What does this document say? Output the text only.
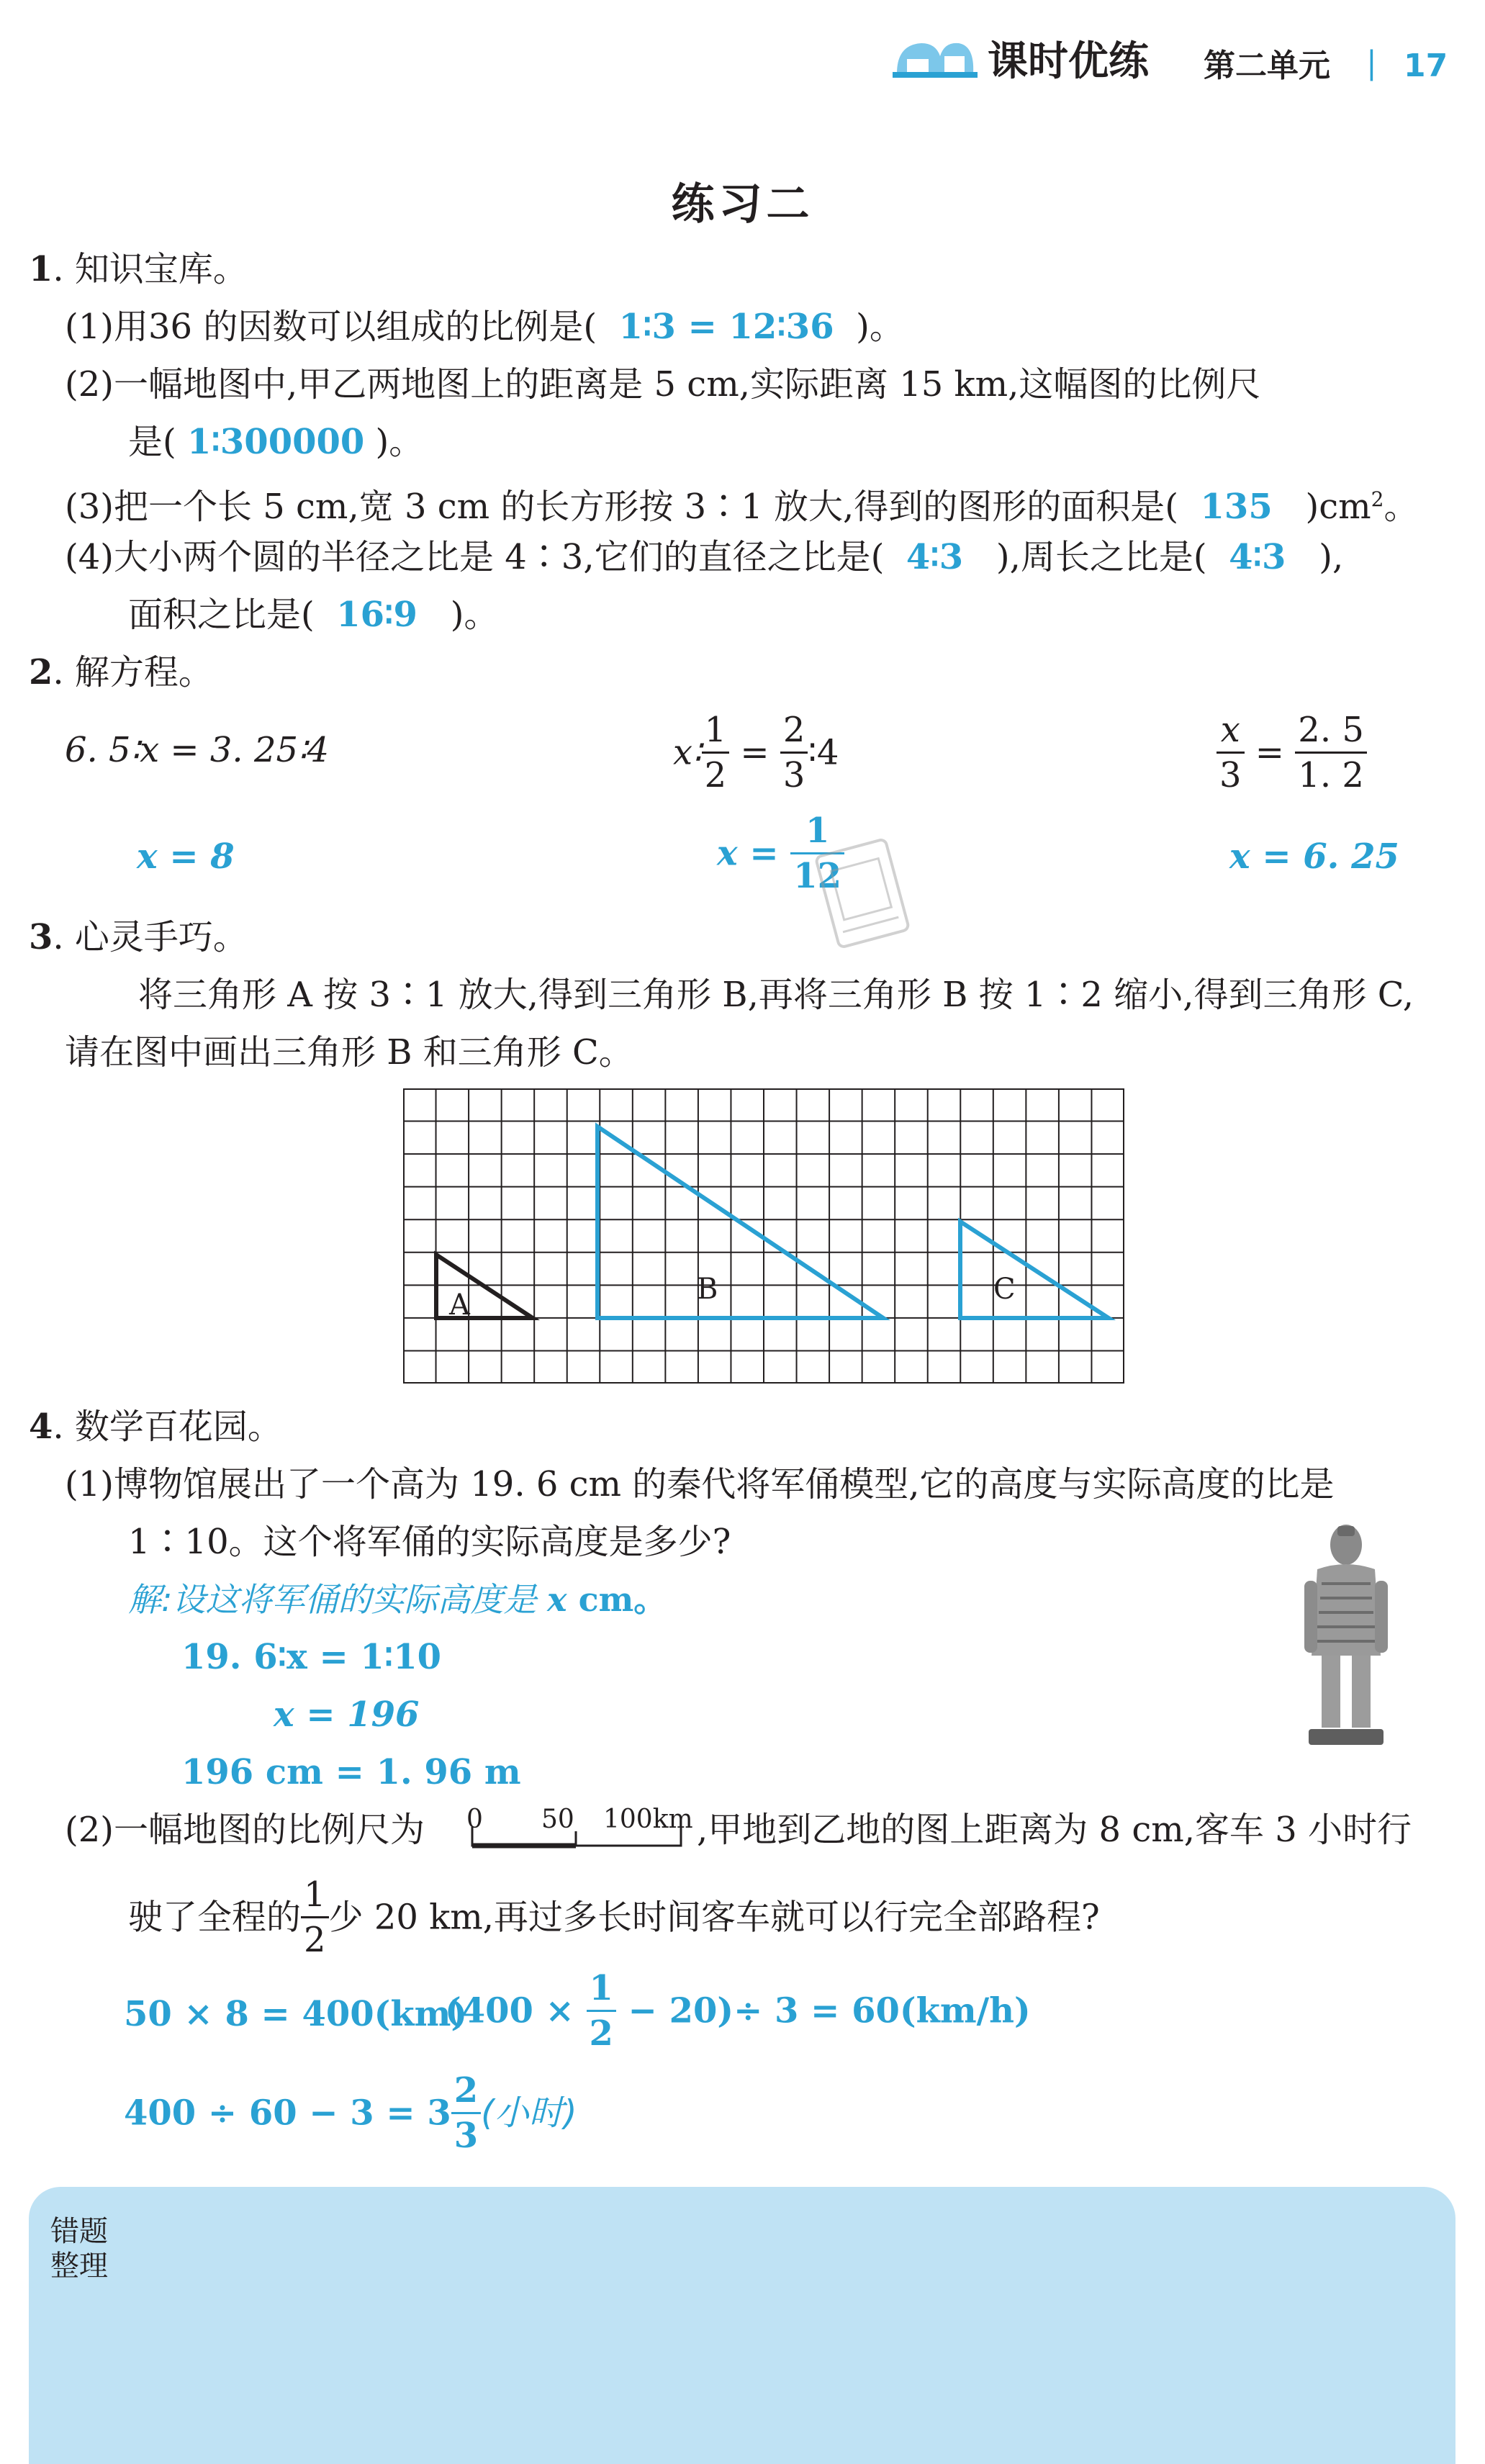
课时优练 第二单元 | 17
练习二
1. 知识宝库。
(1)用36 的因数可以组成的比例是( 1∶3 = 12∶36 )。
(2)一幅地图中,甲乙两地图上的距离是 5 cm,实际距离 15 km,这幅图的比例尺
是( 1∶300000 )。
(3)把一个长 5 cm,宽 3 cm 的长方形按 3∶1 放大,得到的图形的面积是( 135 )$cm^2$。
(4)大小两个圆的半径之比是 4∶3,它们的直径之比是( 4∶3 ),周长之比是( 4∶3 ),
面积之比是( 16∶9 )。
2. 解方程。
6. 5∶x = 3. 25∶4	x∶ $\frac{1}{2} = \frac{2}{3}$ ∶4	$\frac{x}{3} = \frac{2. 5}{1. 2}$
x = 8	$x = \frac{1}{12}$	x = 6. 25
3. 心灵手巧。
将三角形 A 按 3∶1 放大,得到三角形 B,再将三角形 B 按 1∶2 缩小,得到三角形 C,
请在图中画出三角形 B 和三角形 C。
A	B	C
4. 数学百花园。
(1)博物馆展出了一个高为 19. 6 cm 的秦代将军俑模型,它的高度与实际高度的比是
1∶10。这个将军俑的实际高度是多少?
解:设这将军俑的实际高度是 x cm。
19. 6∶x = 1∶10
x = 196
196 cm = 1. 96 m
(2)一幅地图的比例尺为 0 50 100km ,甲地到乙地的图上距离为 8 cm,客车 3 小时行
驶了全程的 $\frac{1}{2}$ 少 20 km,再过多长时间客车就可以行完全部路程?
50 × 8 = 400(km)
$(400 \times \frac{1}{2} - 20)\div 3 = 60(km/h)$
$400 \div 60 - 3 = 3 \frac{2}{3}$ (小时)
错题
整理
